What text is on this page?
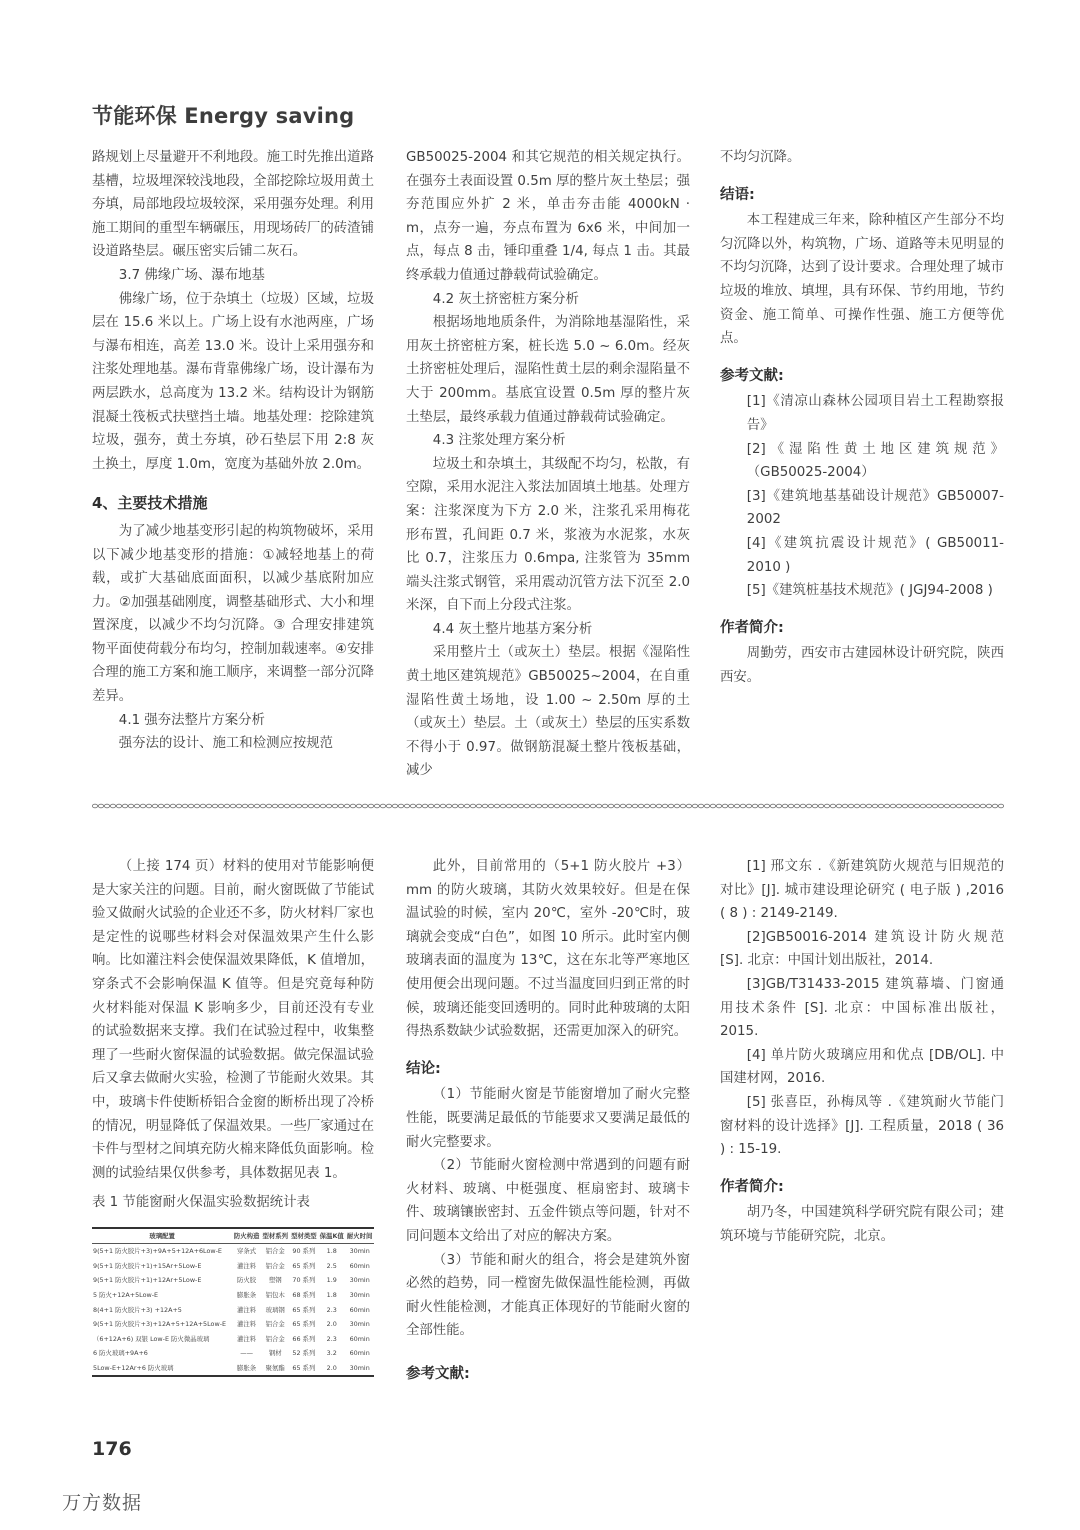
节能环保 Energy saving

路规划上尽量避开不利地段。施工时先推出道路基槽，垃圾埋深较浅地段，全部挖除垃圾用黄土夯填，局部地段垃圾较深，采用强夯处理。利用施工期间的重型车辆碾压，用现场砖厂的砖渣铺设道路垫层。碾压密实后铺二灰石。

3.7 佛缘广场、瀑布地基

佛缘广场，位于杂填土（垃圾）区域，垃圾层在 15.6 米以上。广场上设有水池两座，广场与瀑布相连，高差 13.0 米。设计上采用强夯和注浆处理地基。瀑布背靠佛缘广场，设计瀑布为两层跌水，总高度为 13.2 米。结构设计为钢筋混凝土筏板式扶壁挡土墙。地基处理：挖除建筑垃圾，强夯，黄土夯填，砂石垫层下用 2:8 灰土换土，厚度 1.0m，宽度为基础外放 2.0m。

4、主要技术措施

为了减少地基变形引起的构筑物破坏，采用以下减少地基变形的措施：①减轻地基上的荷载，或扩大基础底面面积，以减少基底附加应力。②加强基础刚度，调整基础形式、大小和埋置深度，以减少不均匀沉降。③ 合理安排建筑物平面使荷载分布均匀，控制加载速率。④安排合理的施工方案和施工顺序，来调整一部分沉降差异。

4.1 强夯法整片方案分析

强夯法的设计、施工和检测应按规范

GB50025-2004 和其它规范的相关规定执行。在强夯土表面设置 0.5m 厚的整片灰土垫层；强夯范围应外扩 2 米，单击夯击能 4000kN · m，点夯一遍，夯点布置为 6x6 米，中间加一点，每点 8 击，锤印重叠 1/4, 每点 1 击。其最终承载力值通过静载荷试验确定。

4.2 灰土挤密桩方案分析

根据场地地质条件，为消除地基湿陷性，采用灰土挤密桩方案，桩长选 5.0 ~ 6.0m。经灰土挤密桩处理后，湿陷性黄土层的剩余湿陷量不大于 200mm。基底宜设置 0.5m 厚的整片灰土垫层，最终承载力值通过静载荷试验确定。

4.3 注浆处理方案分析

垃圾土和杂填土，其级配不均匀，松散，有空隙，采用水泥注入浆法加固填土地基。处理方案：注浆深度为下方 2.0 米，注浆孔采用梅花形布置，孔间距 0.7 米，浆液为水泥浆，水灰比 0.7，注浆压力 0.6mpa, 注浆管为 35mm 端头注浆式钢管，采用震动沉管方法下沉至 2.0 米深，自下而上分段式注浆。

4.4 灰土整片地基方案分析

采用整片土（或灰土）垫层。根据《湿陷性黄土地区建筑规范》GB50025~2004，在自重湿陷性黄土场地，设 1.00 ~ 2.50m 厚的土（或灰土）垫层。土（或灰土）垫层的压实系数不得小于 0.97。做钢筋混凝土整片筏板基础，减少

不均匀沉降。

结语:

本工程建成三年来，除种植区产生部分不均匀沉降以外，构筑物，广场、道路等未见明显的不均匀沉降，达到了设计要求。合理处理了城市垃圾的堆放、填埋，具有环保、节约用地，节约资金、施工简单、可操作性强、施工方便等优点。

参考文献:

[1]《清凉山森林公园项目岩土工程勘察报告》

[2]《湿陷性黄土地区建筑规范》（GB50025-2004）

[3]《建筑地基基础设计规范》GB50007-2002

[4]《建筑抗震设计规范》( GB50011-2010 )

[5]《建筑桩基技术规范》( JGJ94-2008 )

作者简介:

周勤劳，西安市古建园林设计研究院，陕西西安。

（上接 174 页）材料的使用对节能影响便是大家关注的问题。目前，耐火窗既做了节能试验又做耐火试验的企业还不多，防火材料厂家也是定性的说哪些材料会对保温效果产生什么影响。比如灌注料会使保温效果降低，K 值增加，穿条式不会影响保温 K 值等。但是究竟每种防火材料能对保温 K 影响多少，目前还没有专业的试验数据来支撑。我们在试验过程中，收集整理了一些耐火窗保温的试验数据。做完保温试验后又拿去做耐火实验，检测了节能耐火效果。其中，玻璃卡件使断桥铝合金窗的断桥出现了冷桥的情况，明显降低了保温效果。一些厂家通过在卡件与型材之间填充防火棉来降低负面影响。检测的试验结果仅供参考，具体数据见表 1。

表 1 节能窗耐火保温实验数据统计表

玻璃配置	防火构造	型材系列	型材类型	保温K值	耐火时间
9(5+1 防火胶片+3)+9A+5+12A+6Low-E	穿条式	铝合金	90 系列	1.8	30min
9(5+1 防火胶片+1)+15Ar+5Low-E	灌注料	铝合金	65 系列	2.5	60min
9(5+1 防火胶片+1)+12Ar+5Low-E	防火胶	塑钢	70 系列	1.9	30min
5 防火+12A+5Low-E	膨胀条	铝包木	68 系列	1.8	30min
8(4+1 防火胶片+3) +12A+5	灌注料	玻璃钢	65 系列	2.3	60min
9(5+1 防火胶片+3)+12A+5+12A+5Low-E	灌注料	铝合金	65 系列	2.0	30min
（6+12A+6) 双银 Low-E 防火微晶玻璃	灌注料	铝合金	66 系列	2.3	60min
6 防火玻璃+9A+6	——	钢材	52 系列	3.2	60min
5Low-E+12Ar+6 防火玻璃	膨胀条	聚氨酯	65 系列	2.0	30min

此外，目前常用的（5+1 防火胶片 +3）mm 的防火玻璃，其防火效果较好。但是在保温试验的时候，室内 20℃，室外 -20℃时，玻璃就会变成“白色”，如图 10 所示。此时室内侧玻璃表面的温度为 13℃，这在东北等严寒地区使用便会出现问题。不过当温度回归到正常的时候，玻璃还能变回透明的。同时此种玻璃的太阳得热系数缺少试验数据，还需更加深入的研究。

结论:

（1）节能耐火窗是节能窗增加了耐火完整性能，既要满足最低的节能要求又要满足最低的耐火完整要求。

（2）节能耐火窗检测中常遇到的问题有耐火材料、玻璃、中梃强度、框扇密封、玻璃卡件、玻璃镶嵌密封、五金件锁点等问题，针对不同问题本文给出了对应的解决方案。

（3）节能和耐火的组合，将会是建筑外窗必然的趋势，同一樘窗先做保温性能检测，再做耐火性能检测，才能真正体现好的节能耐火窗的全部性能。

参考文献:

[1] 邢文东 .《新建筑防火规范与旧规范的对比》[J]. 城市建设理论研究 ( 电子版 ) ,2016 ( 8 ) : 2149-2149.

[2]GB50016-2014 建筑设计防火规范 [S]. 北京：中国计划出版社，2014.

[3]GB/T31433-2015 建筑幕墙、门窗通用技术条件 [S]. 北京：中国标准出版社，2015.

[4] 单片防火玻璃应用和优点 [DB/OL]. 中国建材网，2016.

[5] 张喜臣，孙梅凤等 .《建筑耐火节能门窗材料的设计选择》[J]. 工程质量，2018 ( 36 ) : 15-19.

作者简介:

胡乃冬，中国建筑科学研究院有限公司；建筑环境与节能研究院，北京。

176
万方数据
